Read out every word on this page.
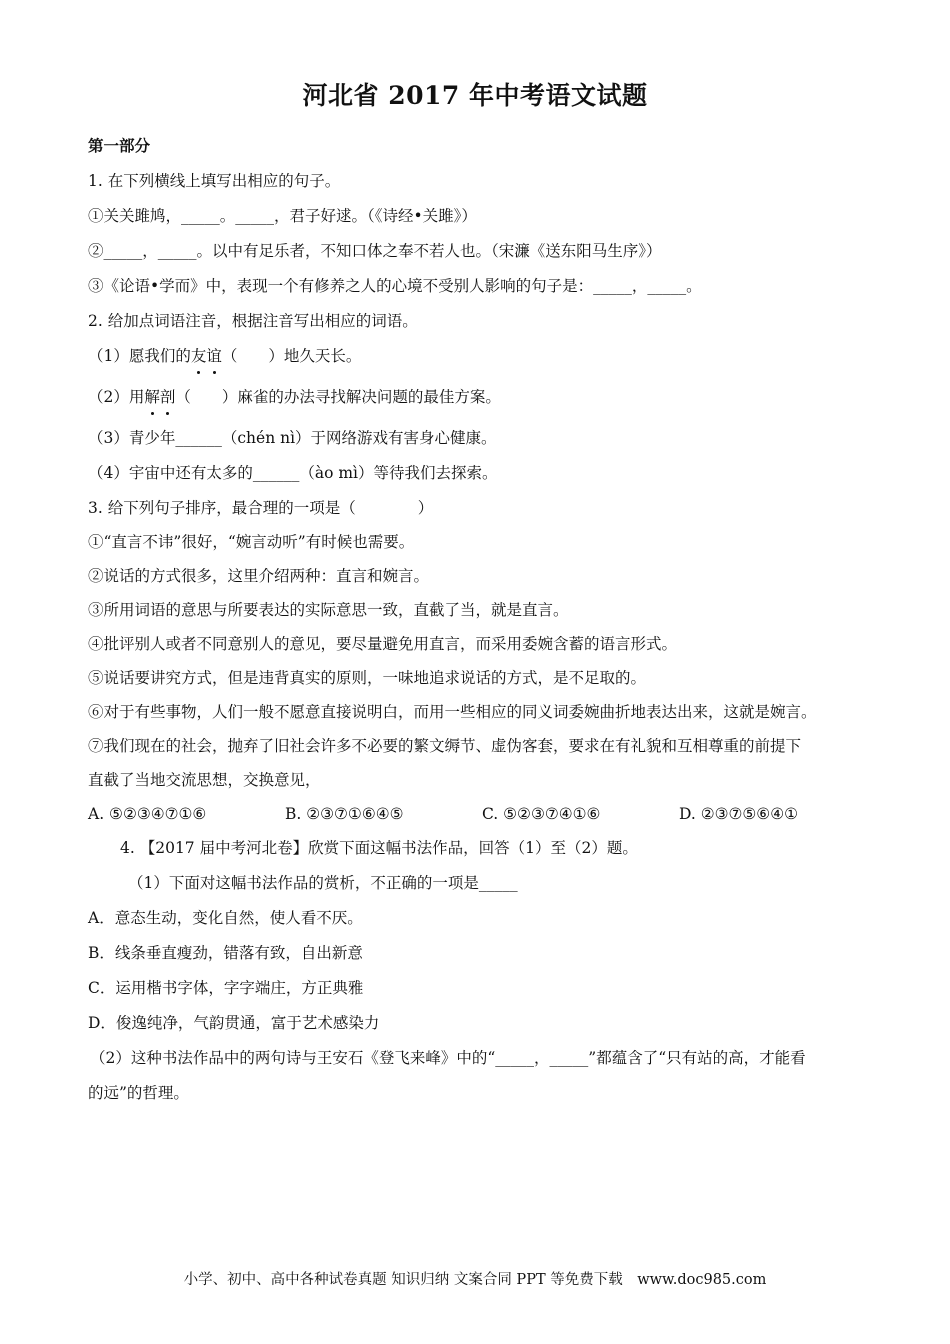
河北省 2017 年中考语文试题
第一部分
1. 在下列横线上填写出相应的句子。
①关关雎鸠，_____。_____，君子好逑。（《诗经•关雎》）
②_____，_____。以中有足乐者，不知口体之奉不若人也。（宋濂《送东阳马生序》）
③《论语•学而》中，表现一个有修养之人的心境不受别人影响的句子是：_____，_____。
2. 给加点词语注音，根据注音写出相应的词语。
（1）愿我们的友谊（　　）地久天长。
（2）用解剖（　　）麻雀的办法寻找解决问题的最佳方案。
（3）青少年______（chén nì）于网络游戏有害身心健康。
（4）宇宙中还有太多的______（ào mì）等待我们去探索。
3. 给下列句子排序，最合理的一项是（　　　　）
①“直言不讳”很好，“婉言动听”有时候也需要。
②说话的方式很多，这里介绍两种：直言和婉言。
③所用词语的意思与所要表达的实际意思一致，直截了当，就是直言。
④批评别人或者不同意别人的意见，要尽量避免用直言，而采用委婉含蓄的语言形式。
⑤说话要讲究方式，但是违背真实的原则，一味地追求说话的方式，是不足取的。
⑥对于有些事物，人们一般不愿意直接说明白，而用一些相应的同义词委婉曲折地表达出来，这就是婉言。
⑦我们现在的社会，抛弃了旧社会许多不必要的繁文缛节、虚伪客套，要求在有礼貌和互相尊重的前提下
直截了当地交流思想，交换意见，
A. ⑤②③④⑦①⑥	B. ②③⑦①⑥④⑤	C. ⑤②③⑦④①⑥	D. ②③⑦⑤⑥④①
4. 【2017 届中考河北卷】欣赏下面这幅书法作品，回答（1）至（2）题。
（1）下面对这幅书法作品的赏析，不正确的一项是_____
A．意态生动，变化自然，使人看不厌。
B．线条垂直瘦劲，错落有致，自出新意
C．运用楷书字体，字字端庄，方正典雅
D．俊逸纯净，气韵贯通，富于艺术感染力
（2）这种书法作品中的两句诗与王安石《登飞来峰》中的“_____，_____”都蕴含了“只有站的高，才能看
的远”的哲理。
小学、初中、高中各种试卷真题 知识归纳 文案合同 PPT 等免费下载　www.doc985.com
